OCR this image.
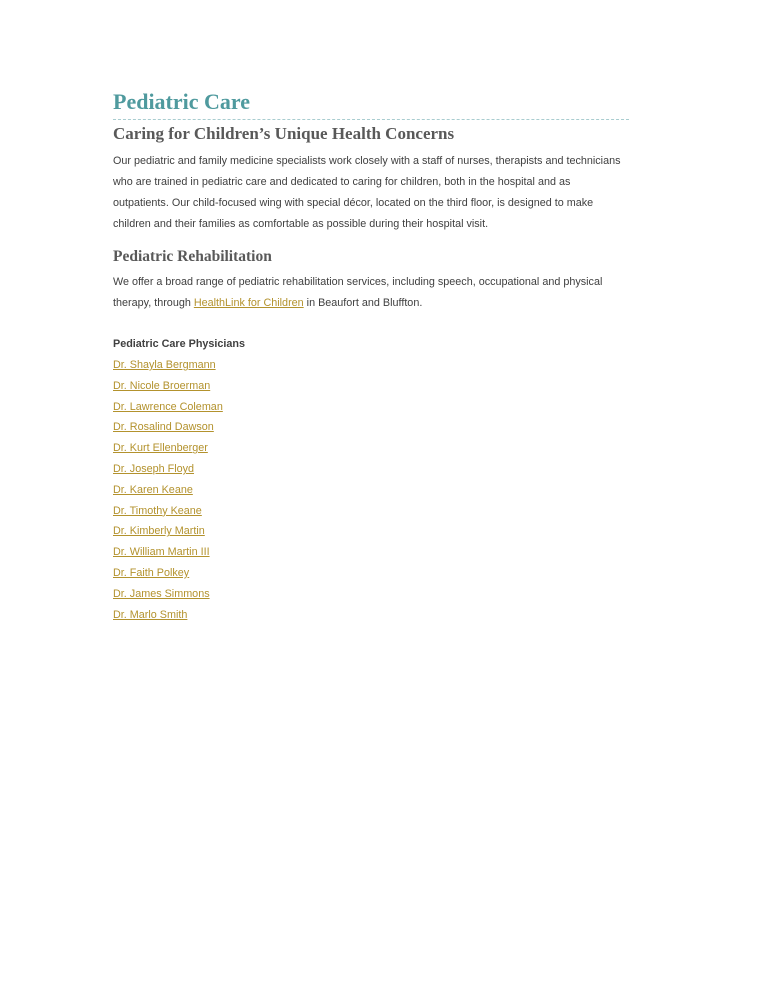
Pediatric Care
Caring for Children’s Unique Health Concerns

Our pediatric and family medicine specialists work closely with a staff of nurses, therapists and technicians who are trained in pediatric care and dedicated to caring for children, both in the hospital and as outpatients. Our child-focused wing with special décor, located on the third floor, is designed to make children and their families as comfortable as possible during their hospital visit.

Pediatric Rehabilitation

We offer a broad range of pediatric rehabilitation services, including speech, occupational and physical therapy, through HealthLink for Children in Beaufort and Bluffton.

Pediatric Care Physicians

Dr. Shayla Bergmann
Dr. Nicole Broerman
Dr. Lawrence Coleman
Dr. Rosalind Dawson
Dr. Kurt Ellenberger
Dr. Joseph Floyd
Dr. Karen Keane
Dr. Timothy Keane
Dr. Kimberly Martin
Dr. William Martin III
Dr. Faith Polkey
Dr. James Simmons
Dr. Marlo Smith
